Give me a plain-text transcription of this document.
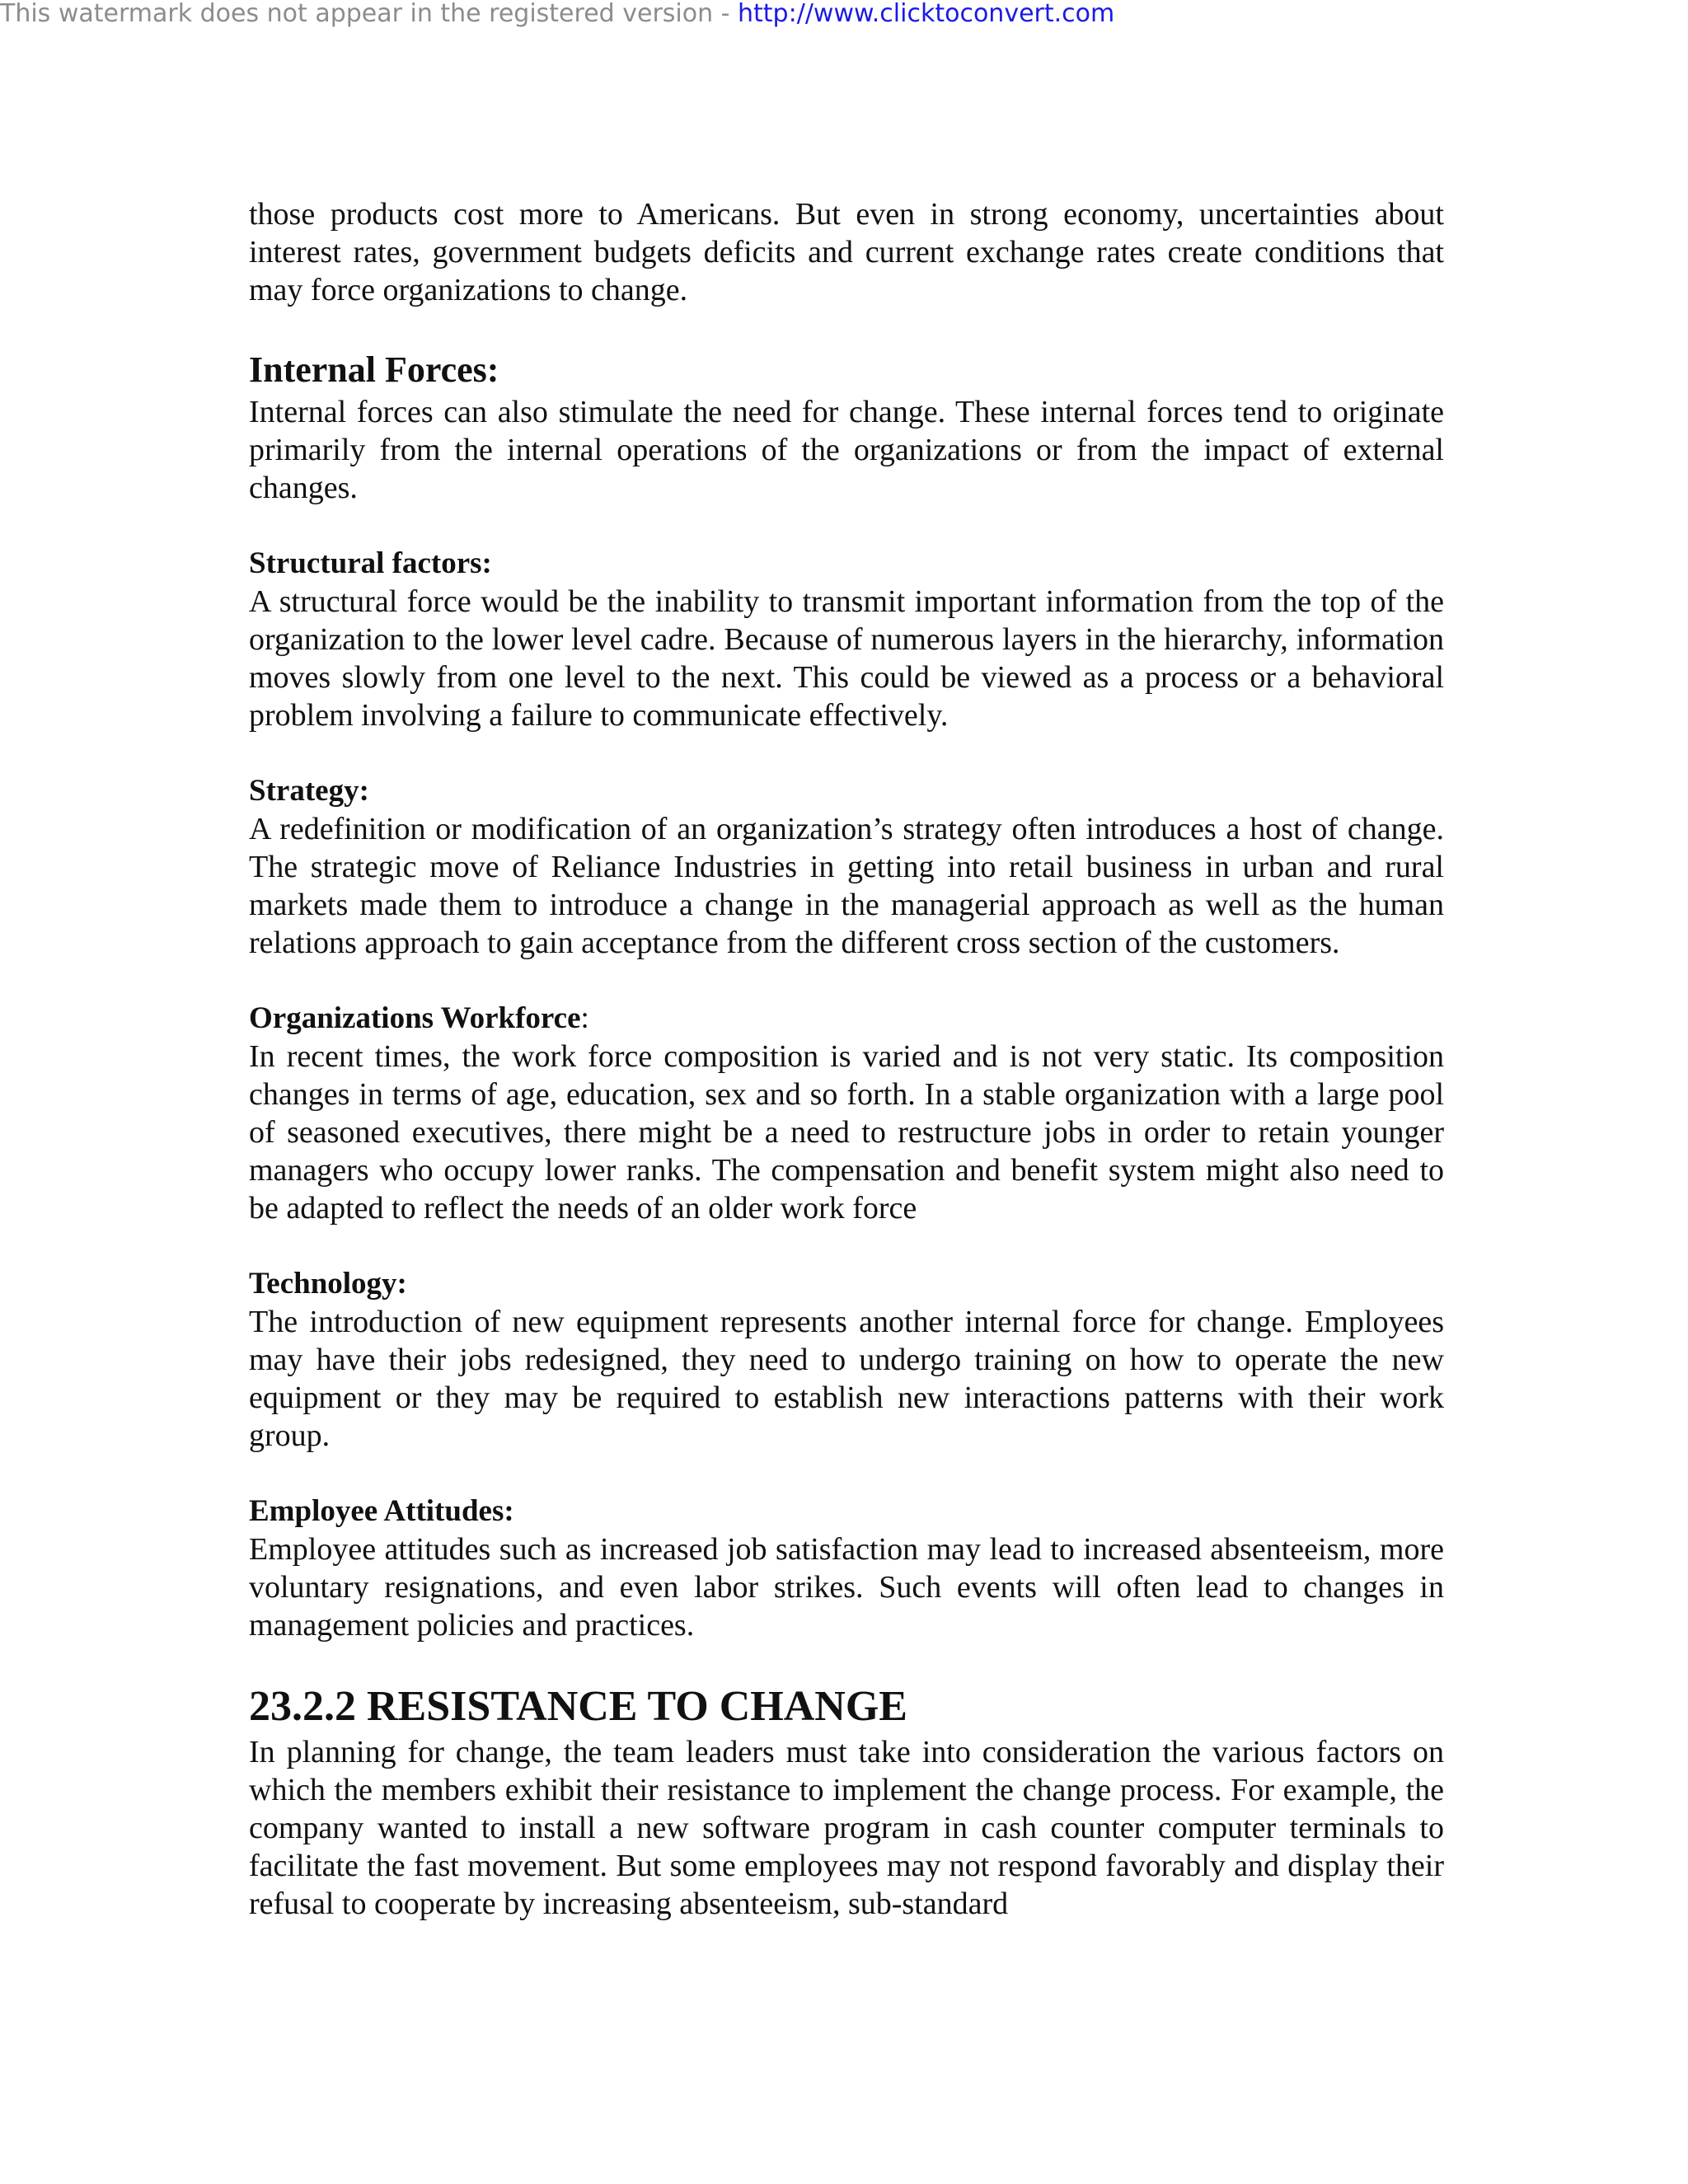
This watermark does not appear in the registered version - http://www.clicktoconvert.com

those products cost more to Americans. But even in strong economy, uncertainties about interest rates, government budgets deficits and current exchange rates create conditions that may force organizations to change.

Internal Forces:

Internal forces can also stimulate the need for change. These internal forces tend to originate primarily from the internal operations of the organizations or from the impact of external changes.

Structural factors:

A structural force would be the inability to transmit important information from the top of the organization to the lower level cadre. Because of numerous layers in the hierarchy, information moves slowly from one level to the next. This could be viewed as a process or a behavioral problem involving a failure to communicate effectively.

Strategy:

A redefinition or modification of an organization’s strategy often introduces a host of change. The strategic move of Reliance Industries in getting into retail business in urban and rural markets made them to introduce a change in the managerial approach as well as the human relations approach to gain acceptance from the different cross section of the customers.

Organizations Workforce:

In recent times, the work force composition is varied and is not very static. Its composition changes in terms of age, education, sex and so forth. In a stable organization with a large pool of seasoned executives, there might be a need to restructure jobs in order to retain younger managers who occupy lower ranks. The compensation and benefit system might also need to be adapted to reflect the needs of an older work force

Technology:

The introduction of new equipment represents another internal force for change. Employees may have their jobs redesigned, they need to undergo training on how to operate the new equipment or they may be required to establish new interactions patterns with their work group.

Employee Attitudes:

Employee attitudes such as increased job satisfaction may lead to increased absenteeism, more voluntary resignations, and even labor strikes. Such events will often lead to changes in management policies and practices.

23.2.2 RESISTANCE TO CHANGE

In planning for change, the team leaders must take into consideration the various factors on which the members exhibit their resistance to implement the change process. For example, the company wanted to install a new software program in cash counter computer terminals to facilitate the fast movement. But some employees may not respond favorably and display their refusal to cooperate by increasing absenteeism, sub-standard
